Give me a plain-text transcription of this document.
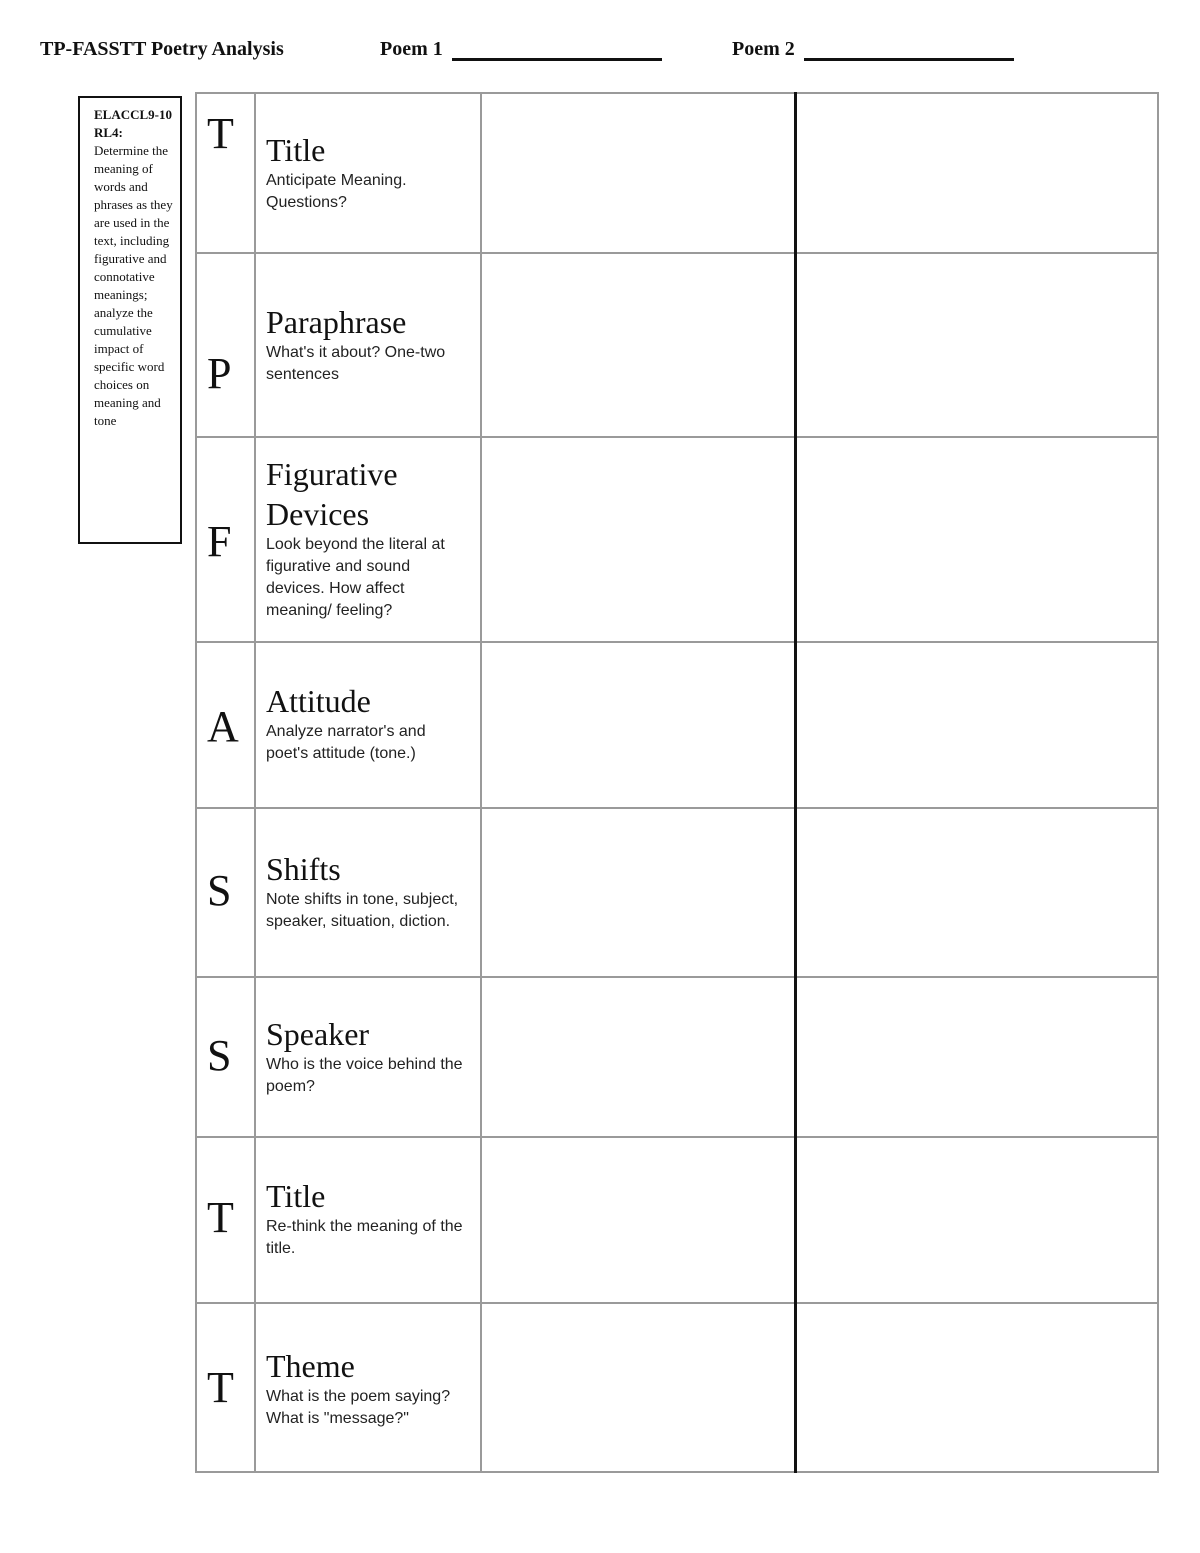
TP-FASSTT Poetry Analysis	Poem 1	Poem 2
ELACCL9-10RL4:
Determine the meaning of words and phrases as they are used in the text, including figurative and connotative meanings; analyze the cumulative impact of specific word choices on meaning and tone
T	Title
Anticipate Meaning. Questions?		

P	Paraphrase
What's it about? One-two sentences		

F	Figurative Devices
Look beyond the literal at figurative and sound devices. How affect meaning/ feeling?		

A	Attitude
Analyze narrator's and poet's attitude (tone.)		

S	Shifts
Note shifts in tone, subject, speaker, situation, diction.		

S	Speaker
Who is the voice behind the poem?		

T	Title
Re-think the meaning of the title.		

T	Theme
What is the poem saying? What is "message?"		
